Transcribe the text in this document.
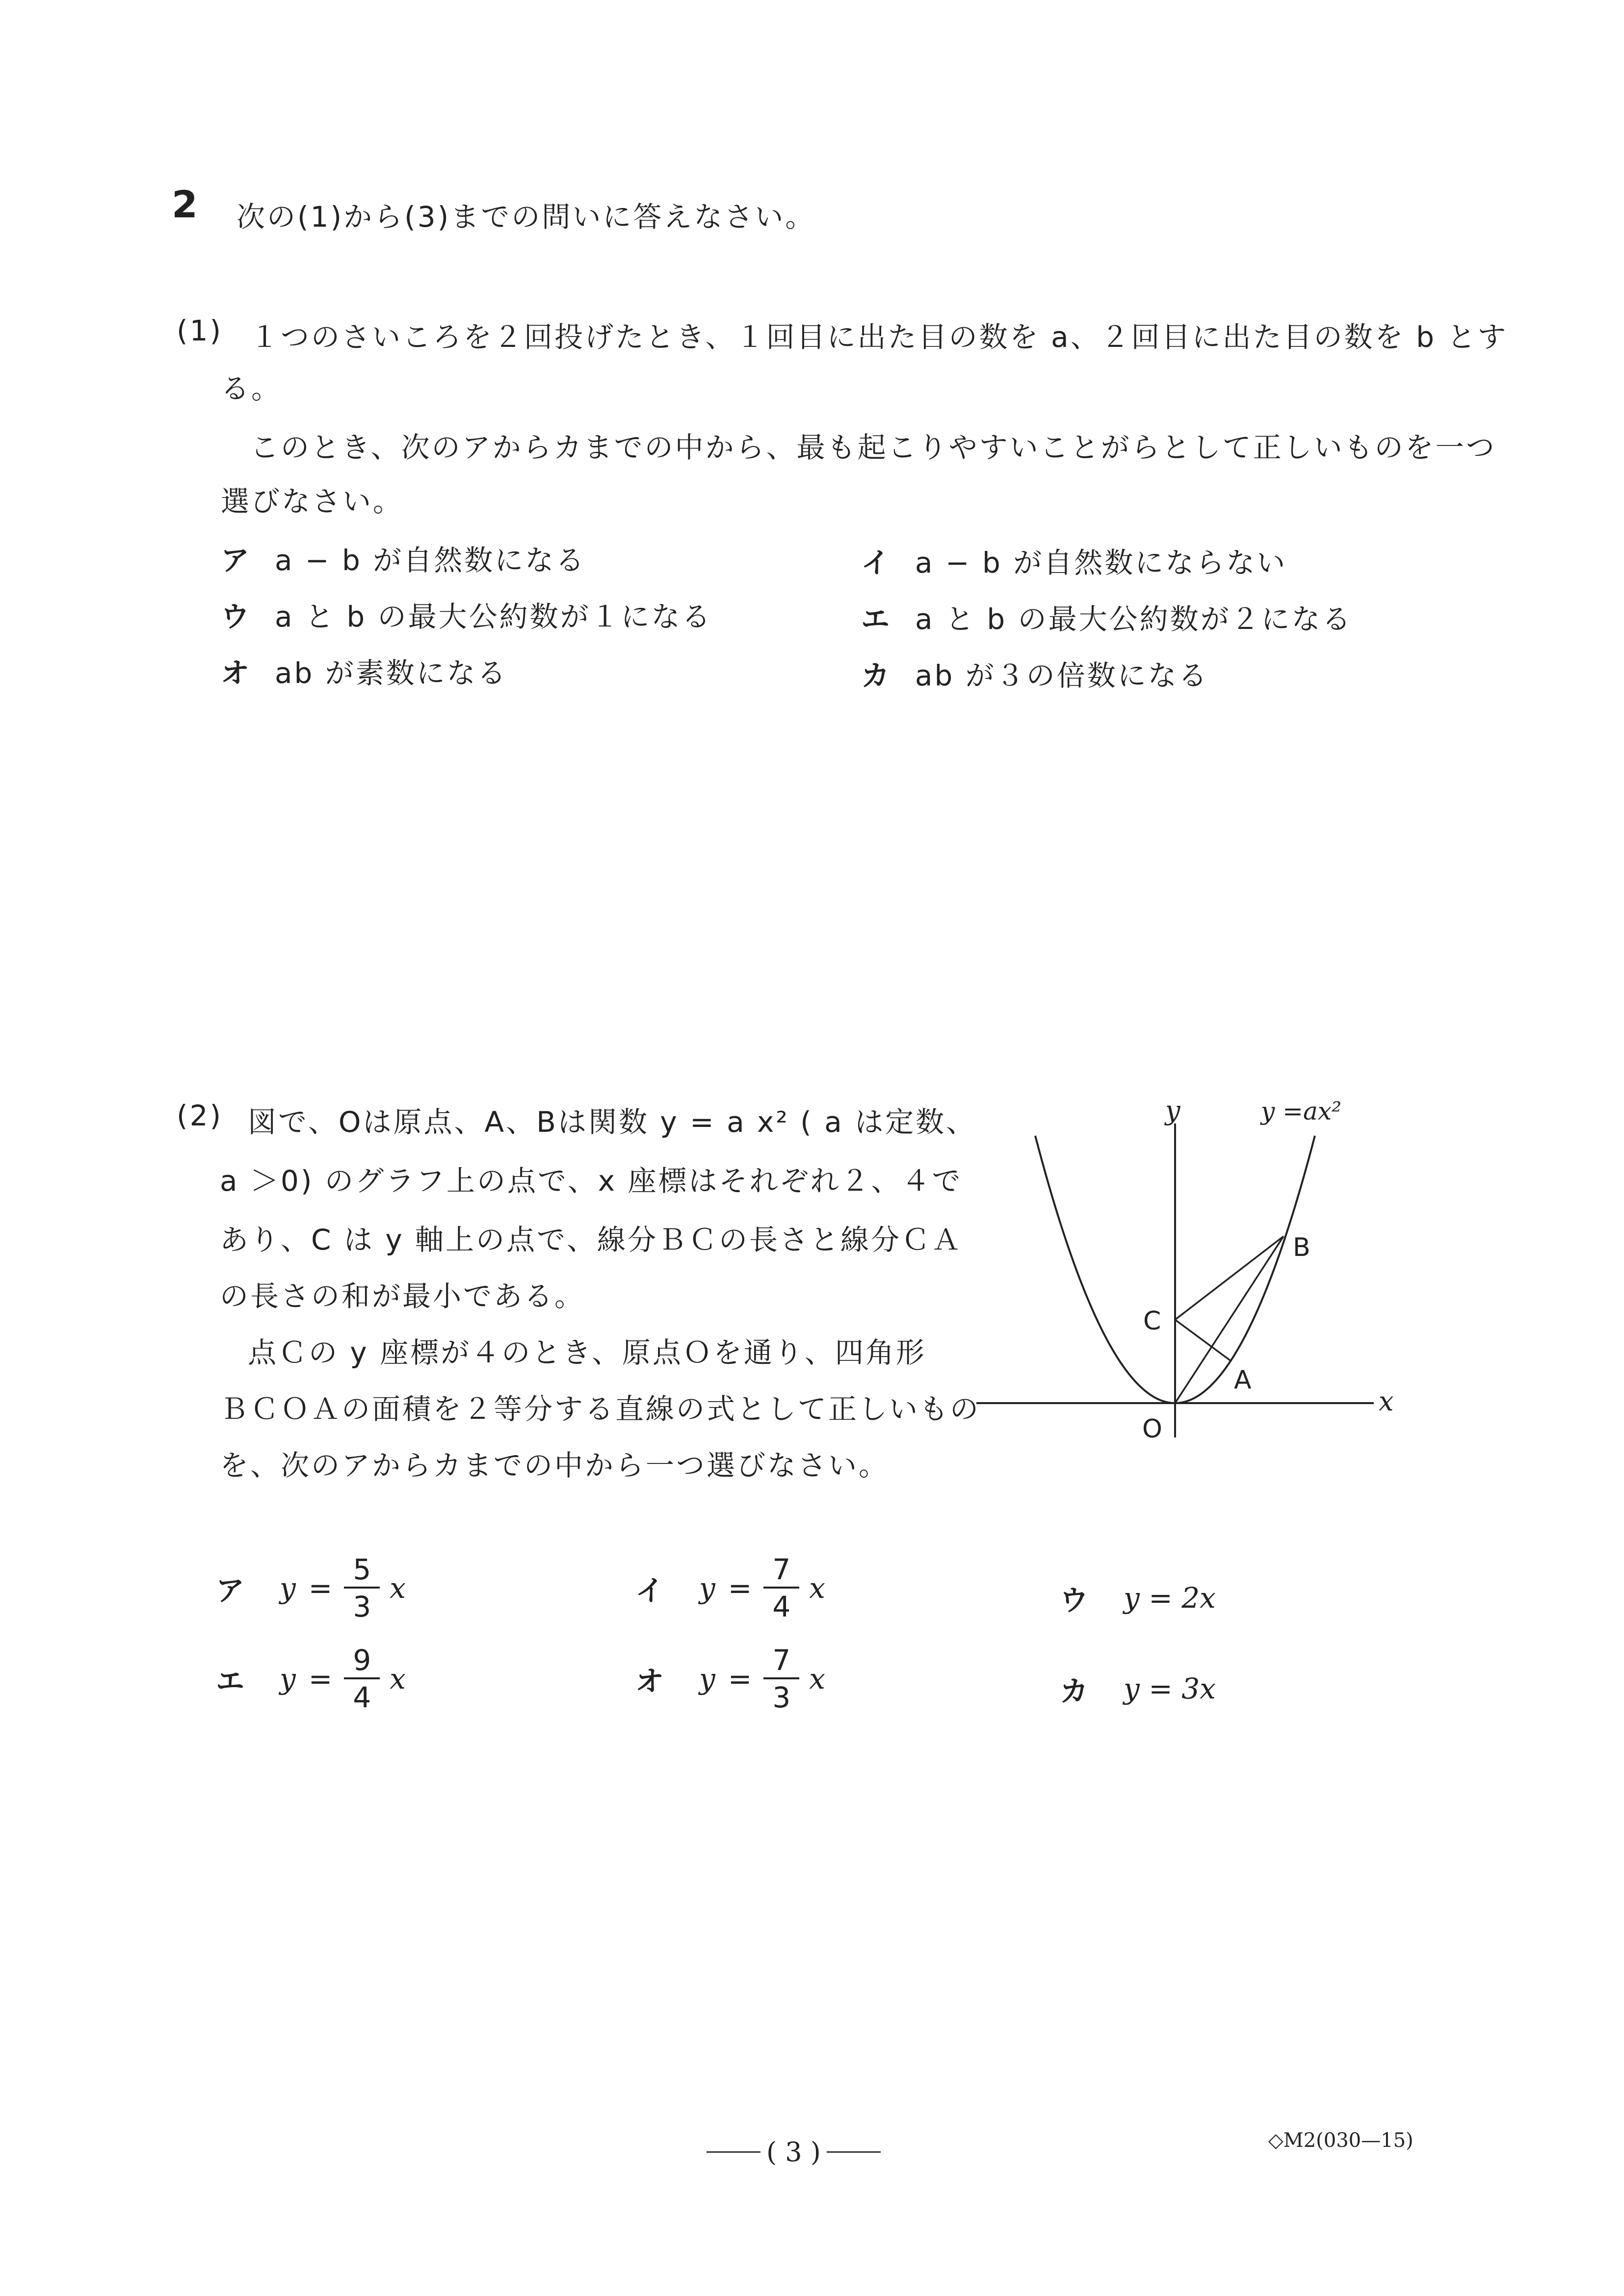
2 次の(1)から(3)までの問いに答えなさい。
(1) １つのさいころを２回投げたとき、１回目に出た目の数を a、２回目に出た目の数を b とす
る。
このとき、次のアからカまでの中から、最も起こりやすいことがらとして正しいものを一つ
選びなさい。
ア a − b が自然数になる	イ a − b が自然数にならない
ウ a と b の最大公約数が１になる	エ a と b の最大公約数が２になる
オ ab が素数になる	カ ab が３の倍数になる
(2) 図で、Oは原点、A、Bは関数 y = a x² ( a は定数、
a ＞0) のグラフ上の点で、x 座標はそれぞれ２、４で
あり、C は y 軸上の点で、線分ＢＣの長さと線分ＣＡ
の長さの和が最小である。
点Ｃの y 座標が４のとき、原点Ｏを通り、四角形
ＢＣＯＡの面積を２等分する直線の式として正しいもの
を、次のアからカまでの中から一つ選びなさい。
y	y =ax²
x
O
A
B
C
ア	$y = \frac{5}{3}$ x	イ	$y = \frac{7}{4}$ x	ウ	y = 2x
エ	$y = \frac{9}{4}$ x	オ	$y = \frac{7}{3}$ x	カ	y = 3x
( 3 )	◇M2(030—15)
